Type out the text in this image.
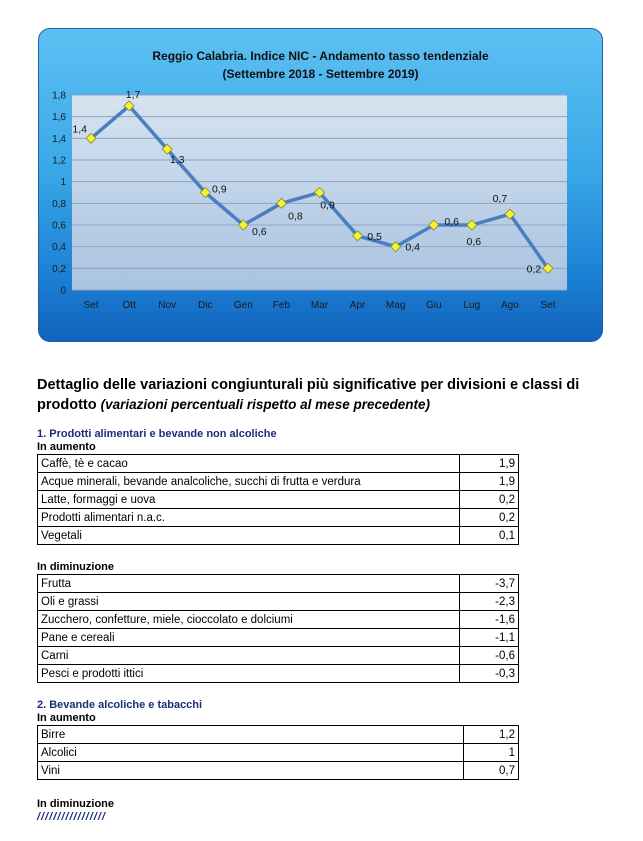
Reggio Calabria. Indice NIC - Andamento tasso tendenziale
(Settembre 2018 - Settembre 2019)
0
0,2
0,4
0,6
0,8
1
1,2
1,4
1,6
1,8
Set Ott Nov Dic Gen Feb Mar Apr Mag Giu Lug Ago Set
1,4
1,7
1,3
0,9
0,6
0,8
0,9
0,5
0,4
0,6
0,6
0,7
0,2
Dettaglio delle variazioni congiunturali più significative per divisioni e classi di prodotto (variazioni percentuali rispetto al mese precedente)
1. Prodotti alimentari e bevande non alcoliche
In aumento
Caffè, tè e cacao	1,9
Acque minerali, bevande analcoliche, succhi di frutta e verdura	1,9
Latte, formaggi e uova	0,2
Prodotti alimentari n.a.c.	0,2
Vegetali	0,1
In diminuzione
Frutta	-3,7
Oli e grassi	-2,3
Zucchero, confetture, miele, cioccolato e dolciumi	-1,6
Pane e cereali	-1,1
Carni	-0,6
Pesci e prodotti ittici	-0,3
2. Bevande alcoliche e tabacchi
In aumento
Birre	1,2
Alcolici	1
Vini	0,7
In diminuzione
/////////////////
